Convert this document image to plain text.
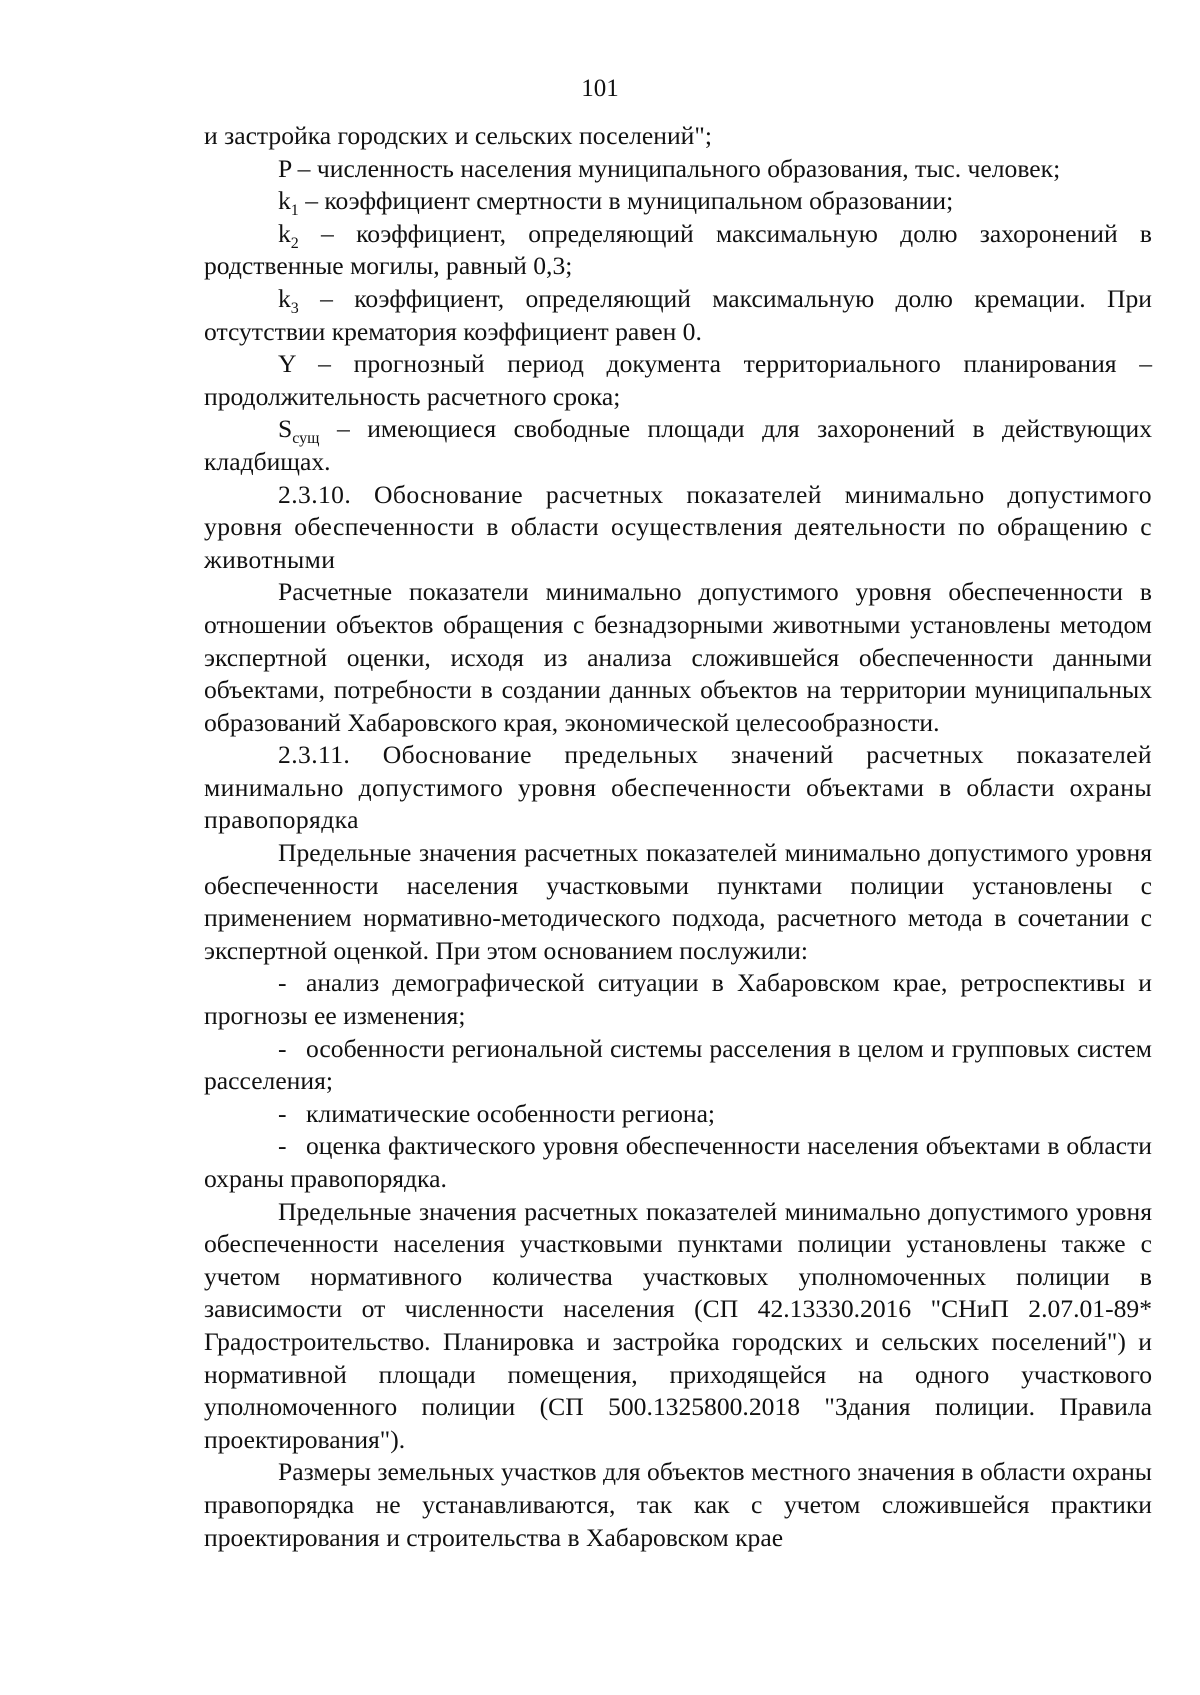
101

и застройка городских и сельских поселений";

P – численность населения муниципального образования, тыс. человек;

$k_1$ – коэффициент смертности в муниципальном образовании;

$k_2$ – коэффициент, определяющий максимальную долю захоронений в родственные могилы, равный 0,3;

$k_3$ – коэффициент, определяющий максимальную долю кремации. При отсутствии крематория коэффициент равен 0.

Y – прогнозный период документа территориального планирования – продолжительность расчетного срока;

$S_{сущ}$ – имеющиеся свободные площади для захоронений в действующих кладбищах.

2.3.10. Обоснование расчетных показателей минимально допустимого уровня обеспеченности в области осуществления деятельности по обращению с животными

Расчетные показатели минимально допустимого уровня обеспеченности в отношении объектов обращения с безнадзорными животными установлены методом экспертной оценки, исходя из анализа сложившейся обеспеченности данными объектами, потребности в создании данных объектов на территории муниципальных образований Хабаровского края, экономической целесообразности.

2.3.11. Обоснование предельных значений расчетных показателей минимально допустимого уровня обеспеченности объектами в области охраны правопорядка

Предельные значения расчетных показателей минимально допустимого уровня обеспеченности населения участковыми пунктами полиции установлены с применением нормативно-методического подхода, расчетного метода в сочетании с экспертной оценкой. При этом основанием послужили:

- анализ демографической ситуации в Хабаровском крае, ретроспективы и прогнозы ее изменения;

- особенности региональной системы расселения в целом и групповых систем расселения;

- климатические особенности региона;

- оценка фактического уровня обеспеченности населения объектами в области охраны правопорядка.

Предельные значения расчетных показателей минимально допустимого уровня обеспеченности населения участковыми пунктами полиции установлены также с учетом нормативного количества участковых уполномоченных полиции в зависимости от численности населения (СП 42.13330.2016 "СНиП 2.07.01-89* Градостроительство. Планировка и застройка городских и сельских поселений") и нормативной площади помещения, приходящейся на одного участкового уполномоченного полиции (СП 500.1325800.2018 "Здания полиции. Правила проектирования").

Размеры земельных участков для объектов местного значения в области охраны правопорядка не устанавливаются, так как с учетом сложившейся практики проектирования и строительства в Хабаровском крае
